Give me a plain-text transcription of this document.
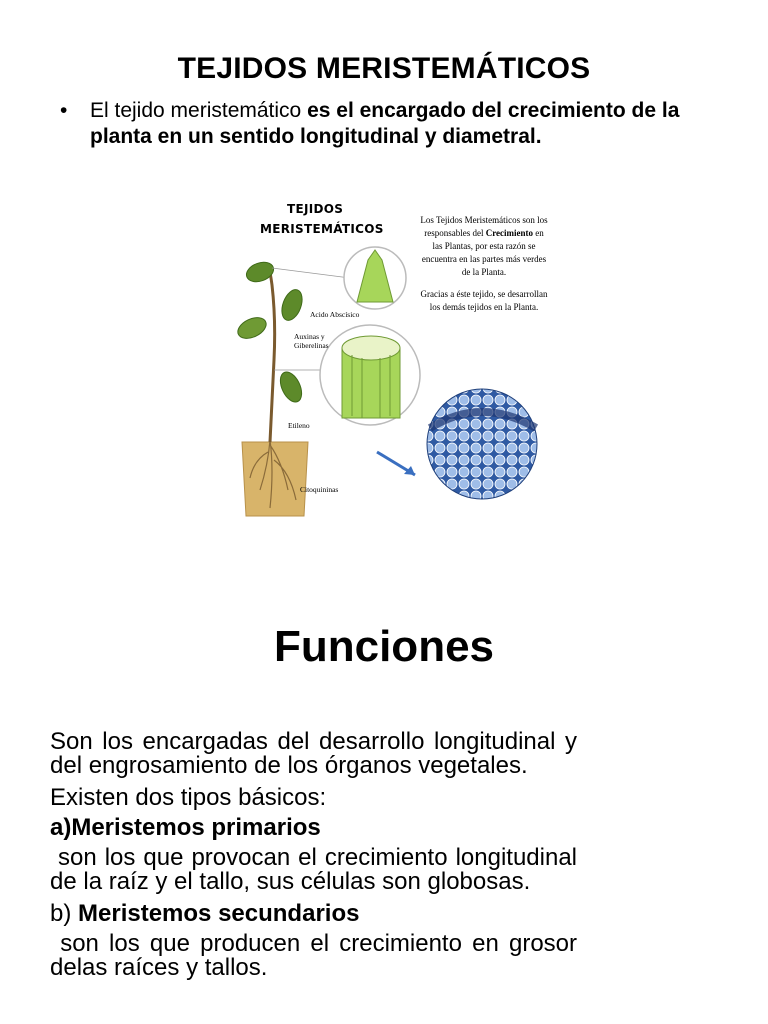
TEJIDOS MERISTEMÁTICOS
• El tejido meristemático es el encargado del crecimiento de la planta en un sentido longitudinal y diametral.
TEJIDOS
MERISTEMÁTICOS
Los Tejidos Meristemáticos son los responsables del Crecimiento en las Plantas, por esta razón se encuentra en las partes más verdes de la Planta.
Gracias a éste tejido, se desarrollan los demás tejidos en la Planta.
Acido Abscísico
Auxinas y
Giberelinas
Etileno
Citoquininas
Funciones

Son los encargadas del desarrollo longitudinal y del engrosamiento de los órganos vegetales.

Existen dos tipos básicos:

a)Meristemos primarios

son los que provocan el crecimiento longitudinal de la raíz y el tallo, sus células son globosas.

b) Meristemos secundarios

son los que producen el crecimiento en grosor delas raíces y tallos.
